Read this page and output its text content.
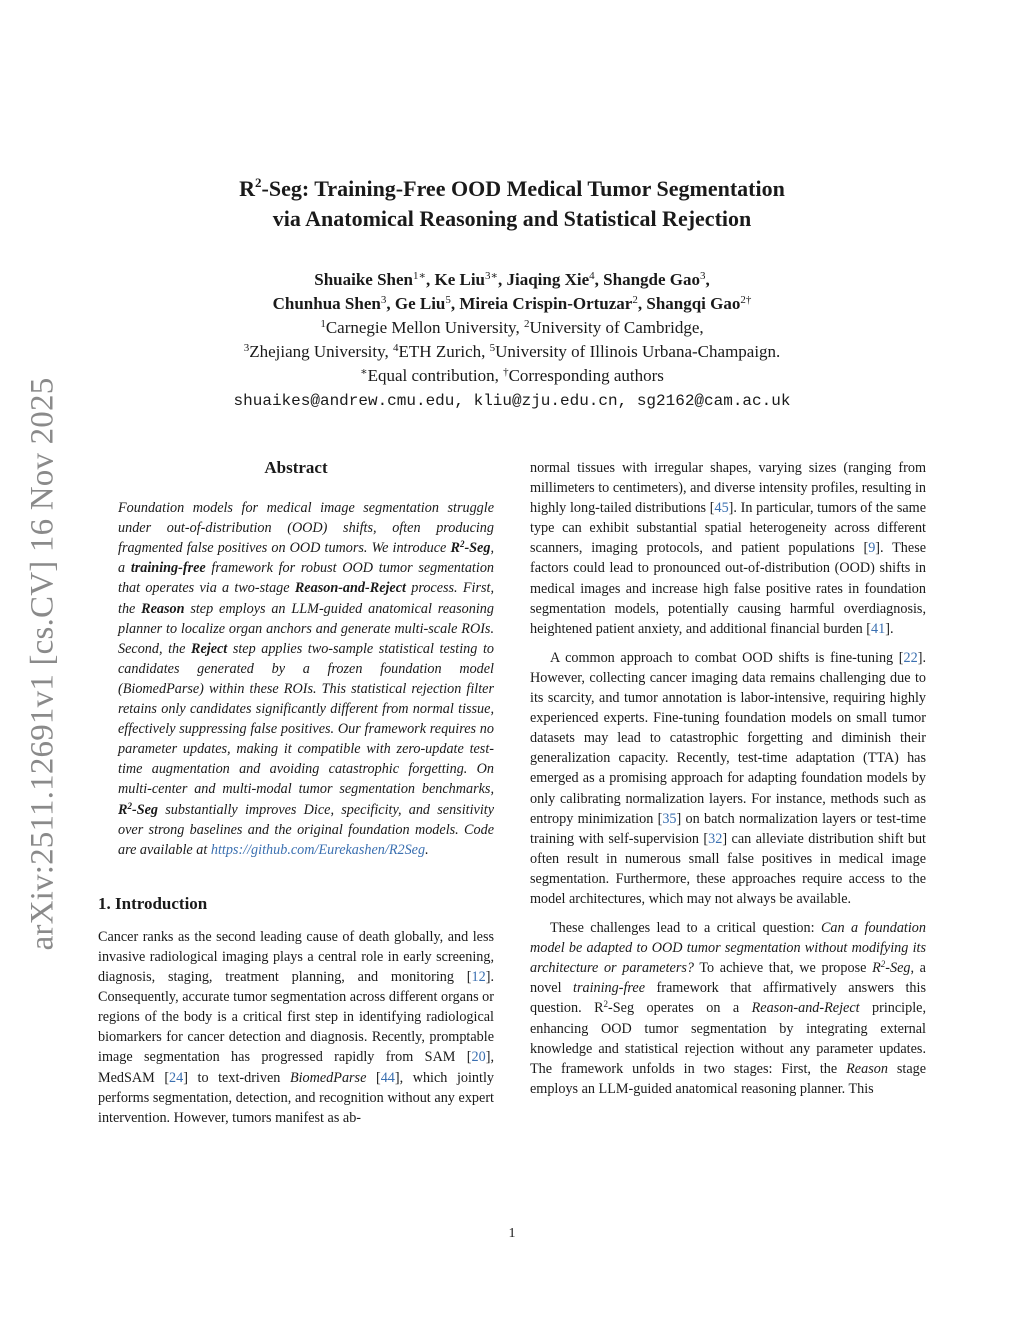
arXiv:2511.12691v1 [cs.CV] 16 Nov 2025
$R^2$-Seg: Training-Free OOD Medical Tumor Segmentation
via Anatomical Reasoning and Statistical Rejection
Shuaike Shen$^{1∗}$, Ke Liu$^{3∗}$, Jiaqing Xie$^4$, Shangde Gao$^3$,
Chunhua Shen$^3$, Ge Liu$^5$, Mireia Crispin-Ortuzar$^2$, Shangqi Gao$^{2\dagger}$
$^1$Carnegie Mellon University, $^2$University of Cambridge,
$^3$Zhejiang University, $^4$ETH Zurich, $^5$University of Illinois Urbana-Champaign.
∗Equal contribution, †Corresponding authors
shuaikes@andrew.cmu.edu, kliu@zju.edu.cn, sg2162@cam.ac.uk

Abstract

Foundation models for medical image segmentation struggle under out-of-distribution (OOD) shifts, often producing fragmented false positives on OOD tumors. We introduce $R^2$-Seg, a training-free framework for robust OOD tumor segmentation that operates via a two-stage Reason-and-Reject process. First, the Reason step employs an LLM-guided anatomical reasoning planner to localize organ anchors and generate multi-scale ROIs. Second, the Reject step applies two-sample statistical testing to candidates generated by a frozen foundation model (BiomedParse) within these ROIs. This statistical rejection filter retains only candidates significantly different from normal tissue, effectively suppressing false positives. Our framework requires no parameter updates, making it compatible with zero-update test-time augmentation and avoiding catastrophic forgetting. On multi-center and multi-modal tumor segmentation benchmarks, $R^2$-Seg substantially improves Dice, specificity, and sensitivity over strong baselines and the original foundation models. Code are available at https://github.com/Eurekashen/R2Seg.

1. Introduction

Cancer ranks as the second leading cause of death globally, and less invasive radiological imaging plays a central role in early screening, diagnosis, staging, treatment planning, and monitoring [12]. Consequently, accurate tumor segmentation across different organs or regions of the body is a critical first step in identifying radiological biomarkers for cancer detection and diagnosis. Recently, promptable image segmentation has progressed rapidly from SAM [20], MedSAM [24] to text-driven BiomedParse [44], which jointly performs segmentation, detection, and recognition without any expert intervention. However, tumors manifest as ab-

normal tissues with irregular shapes, varying sizes (ranging from millimeters to centimeters), and diverse intensity profiles, resulting in highly long-tailed distributions [45]. In particular, tumors of the same type can exhibit substantial spatial heterogeneity across different scanners, imaging protocols, and patient populations [9]. These factors could lead to pronounced out-of-distribution (OOD) shifts in medical images and increase high false positive rates in foundation segmentation models, potentially causing harmful overdiagnosis, heightened patient anxiety, and additional financial burden [41].

A common approach to combat OOD shifts is fine-tuning [22]. However, collecting cancer imaging data remains challenging due to its scarcity, and tumor annotation is labor-intensive, requiring highly experienced experts. Fine-tuning foundation models on small tumor datasets may lead to catastrophic forgetting and diminish their generalization capacity. Recently, test-time adaptation (TTA) has emerged as a promising approach for adapting foundation models by only calibrating normalization layers. For instance, methods such as entropy minimization [35] on batch normalization layers or test-time training with self-supervision [32] can alleviate distribution shift but often result in numerous small false positives in medical image segmentation. Furthermore, these approaches require access to the model architectures, which may not always be available.

These challenges lead to a critical question: Can a foundation model be adapted to OOD tumor segmentation without modifying its architecture or parameters? To achieve that, we propose $R^2$-Seg, a novel training-free framework that affirmatively answers this question. $R^2$-Seg operates on a Reason-and-Reject principle, enhancing OOD tumor segmentation by integrating external knowledge and statistical rejection without any parameter updates. The framework unfolds in two stages: First, the Reason stage employs an LLM-guided anatomical reasoning planner. This

1
